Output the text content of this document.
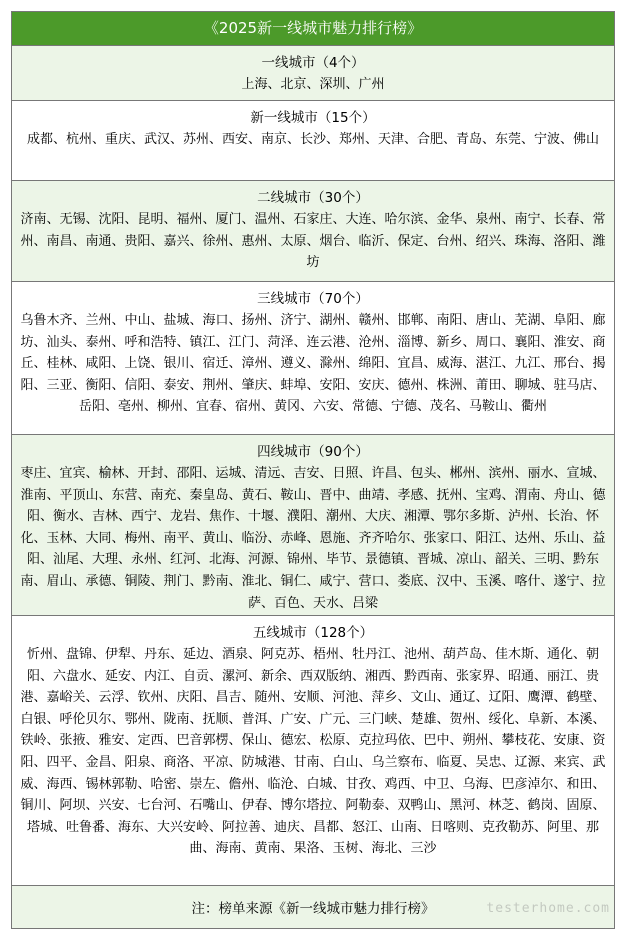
《2025新一线城市魅力排行榜》
一线城市（4个）
上海、北京、深圳、广州
新一线城市（15个）
成都、杭州、重庆、武汉、苏州、西安、南京、长沙、郑州、天津、合肥、青岛、东莞、宁波、佛山
二线城市（30个）
济南、无锡、沈阳、昆明、福州、厦门、温州、石家庄、大连、哈尔滨、金华、泉州、南宁、长春、常州、南昌、南通、贵阳、嘉兴、徐州、惠州、太原、烟台、临沂、保定、台州、绍兴、珠海、洛阳、潍坊
三线城市（70个）
乌鲁木齐、兰州、中山、盐城、海口、扬州、济宁、湖州、赣州、邯郸、南阳、唐山、芜湖、阜阳、廊坊、汕头、泰州、呼和浩特、镇江、江门、菏泽、连云港、沧州、淄博、新乡、周口、襄阳、淮安、商丘、桂林、咸阳、上饶、银川、宿迁、漳州、遵义、滁州、绵阳、宜昌、威海、湛江、九江、邢台、揭阳、三亚、衡阳、信阳、泰安、荆州、肇庆、蚌埠、安阳、安庆、德州、株洲、莆田、聊城、驻马店、岳阳、亳州、柳州、宜春、宿州、黄冈、六安、常德、宁德、茂名、马鞍山、衢州
四线城市（90个）
枣庄、宜宾、榆林、开封、邵阳、运城、清远、吉安、日照、许昌、包头、郴州、滨州、丽水、宣城、淮南、平顶山、东营、南充、秦皇岛、黄石、鞍山、晋中、曲靖、孝感、抚州、宝鸡、渭南、舟山、德阳、衡水、吉林、西宁、龙岩、焦作、十堰、濮阳、潮州、大庆、湘潭、鄂尔多斯、泸州、长治、怀化、玉林、大同、梅州、南平、黄山、临汾、赤峰、恩施、齐齐哈尔、张家口、阳江、达州、乐山、益阳、汕尾、大理、永州、红河、北海、河源、锦州、毕节、景德镇、晋城、凉山、韶关、三明、黔东南、眉山、承德、铜陵、荆门、黔南、淮北、铜仁、咸宁、营口、娄底、汉中、玉溪、喀什、遂宁、拉萨、百色、天水、吕梁
五线城市（128个）
忻州、盘锦、伊犁、丹东、延边、酒泉、阿克苏、梧州、牡丹江、池州、葫芦岛、佳木斯、通化、朝阳、六盘水、延安、内江、自贡、漯河、新余、西双版纳、湘西、黔西南、张家界、昭通、丽江、贵港、嘉峪关、云浮、钦州、庆阳、昌吉、随州、安顺、河池、萍乡、文山、通辽、辽阳、鹰潭、鹤壁、白银、呼伦贝尔、鄂州、陇南、抚顺、普洱、广安、广元、三门峡、楚雄、贺州、绥化、阜新、本溪、铁岭、张掖、雅安、定西、巴音郭楞、保山、德宏、松原、克拉玛依、巴中、朔州、攀枝花、安康、资阳、四平、金昌、阳泉、商洛、平凉、防城港、甘南、白山、乌兰察布、临夏、吴忠、辽源、来宾、武威、海西、锡林郭勒、哈密、崇左、儋州、临沧、白城、甘孜、鸡西、中卫、乌海、巴彦淖尔、和田、铜川、阿坝、兴安、七台河、石嘴山、伊春、博尔塔拉、阿勒泰、双鸭山、黑河、林芝、鹤岗、固原、塔城、吐鲁番、海东、大兴安岭、阿拉善、迪庆、昌都、怒江、山南、日喀则、克孜勒苏、阿里、那曲、海南、黄南、果洛、玉树、海北、三沙
注：榜单来源《新一线城市魅力排行榜》	testerhome.com
